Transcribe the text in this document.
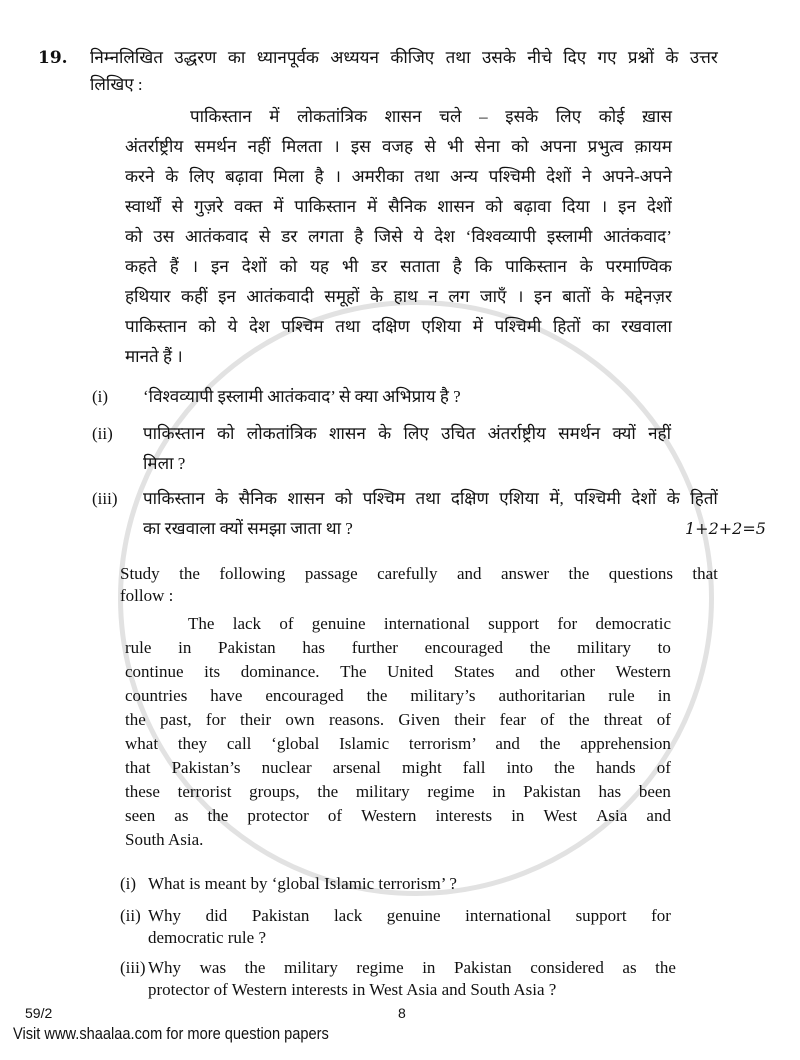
19. निम्नलिखित उद्धरण का ध्यानपूर्वक अध्ययन कीजिए तथा उसके नीचे दिए गए प्रश्नों के उत्तर
लिखिए :
पाकिस्तान में लोकतांत्रिक शासन चले – इसके लिए कोई ख़ास
अंतर्राष्ट्रीय समर्थन नहीं मिलता । इस वजह से भी सेना को अपना प्रभुत्व क़ायम
करने के लिए बढ़ावा मिला है । अमरीका तथा अन्य पश्चिमी देशों ने अपने-अपने
स्वार्थों से गुज़रे वक्त में पाकिस्तान में सैनिक शासन को बढ़ावा दिया । इन देशों
को उस आतंकवाद से डर लगता है जिसे ये देश ‘विश्वव्यापी इस्लामी आतंकवाद’
कहते हैं । इन देशों को यह भी डर सताता है कि पाकिस्तान के परमाण्विक
हथियार कहीं इन आतंकवादी समूहों के हाथ न लग जाएँ । इन बातों के मद्देनज़र
पाकिस्तान को ये देश पश्चिम तथा दक्षिण एशिया में पश्चिमी हितों का रखवाला
मानते हैं ।
(i) ‘विश्वव्यापी इस्लामी आतंकवाद’ से क्या अभिप्राय है ?
(ii) पाकिस्तान को लोकतांत्रिक शासन के लिए उचित अंतर्राष्ट्रीय समर्थन क्यों नहीं
मिला ?
(iii) पाकिस्तान के सैनिक शासन को पश्चिम तथा दक्षिण एशिया में, पश्चिमी देशों के हितों
का रखवाला क्यों समझा जाता था ?	1+2+2=5
Study the following passage carefully and answer the questions that
follow :
The lack of genuine international support for democratic
rule in Pakistan has further encouraged the military to
continue its dominance. The United States and other Western
countries have encouraged the military’s authoritarian rule in
the past, for their own reasons. Given their fear of the threat of
what they call ‘global Islamic terrorism’ and the apprehension
that Pakistan’s nuclear arsenal might fall into the hands of
these terrorist groups, the military regime in Pakistan has been
seen as the protector of Western interests in West Asia and
South Asia.
(i) What is meant by ‘global Islamic terrorism’ ?
(ii) Why did Pakistan lack genuine international support for
democratic rule ?
(iii) Why was the military regime in Pakistan considered as the
protector of Western interests in West Asia and South Asia ?
59/2	8
Visit www.shaalaa.com for more question papers
